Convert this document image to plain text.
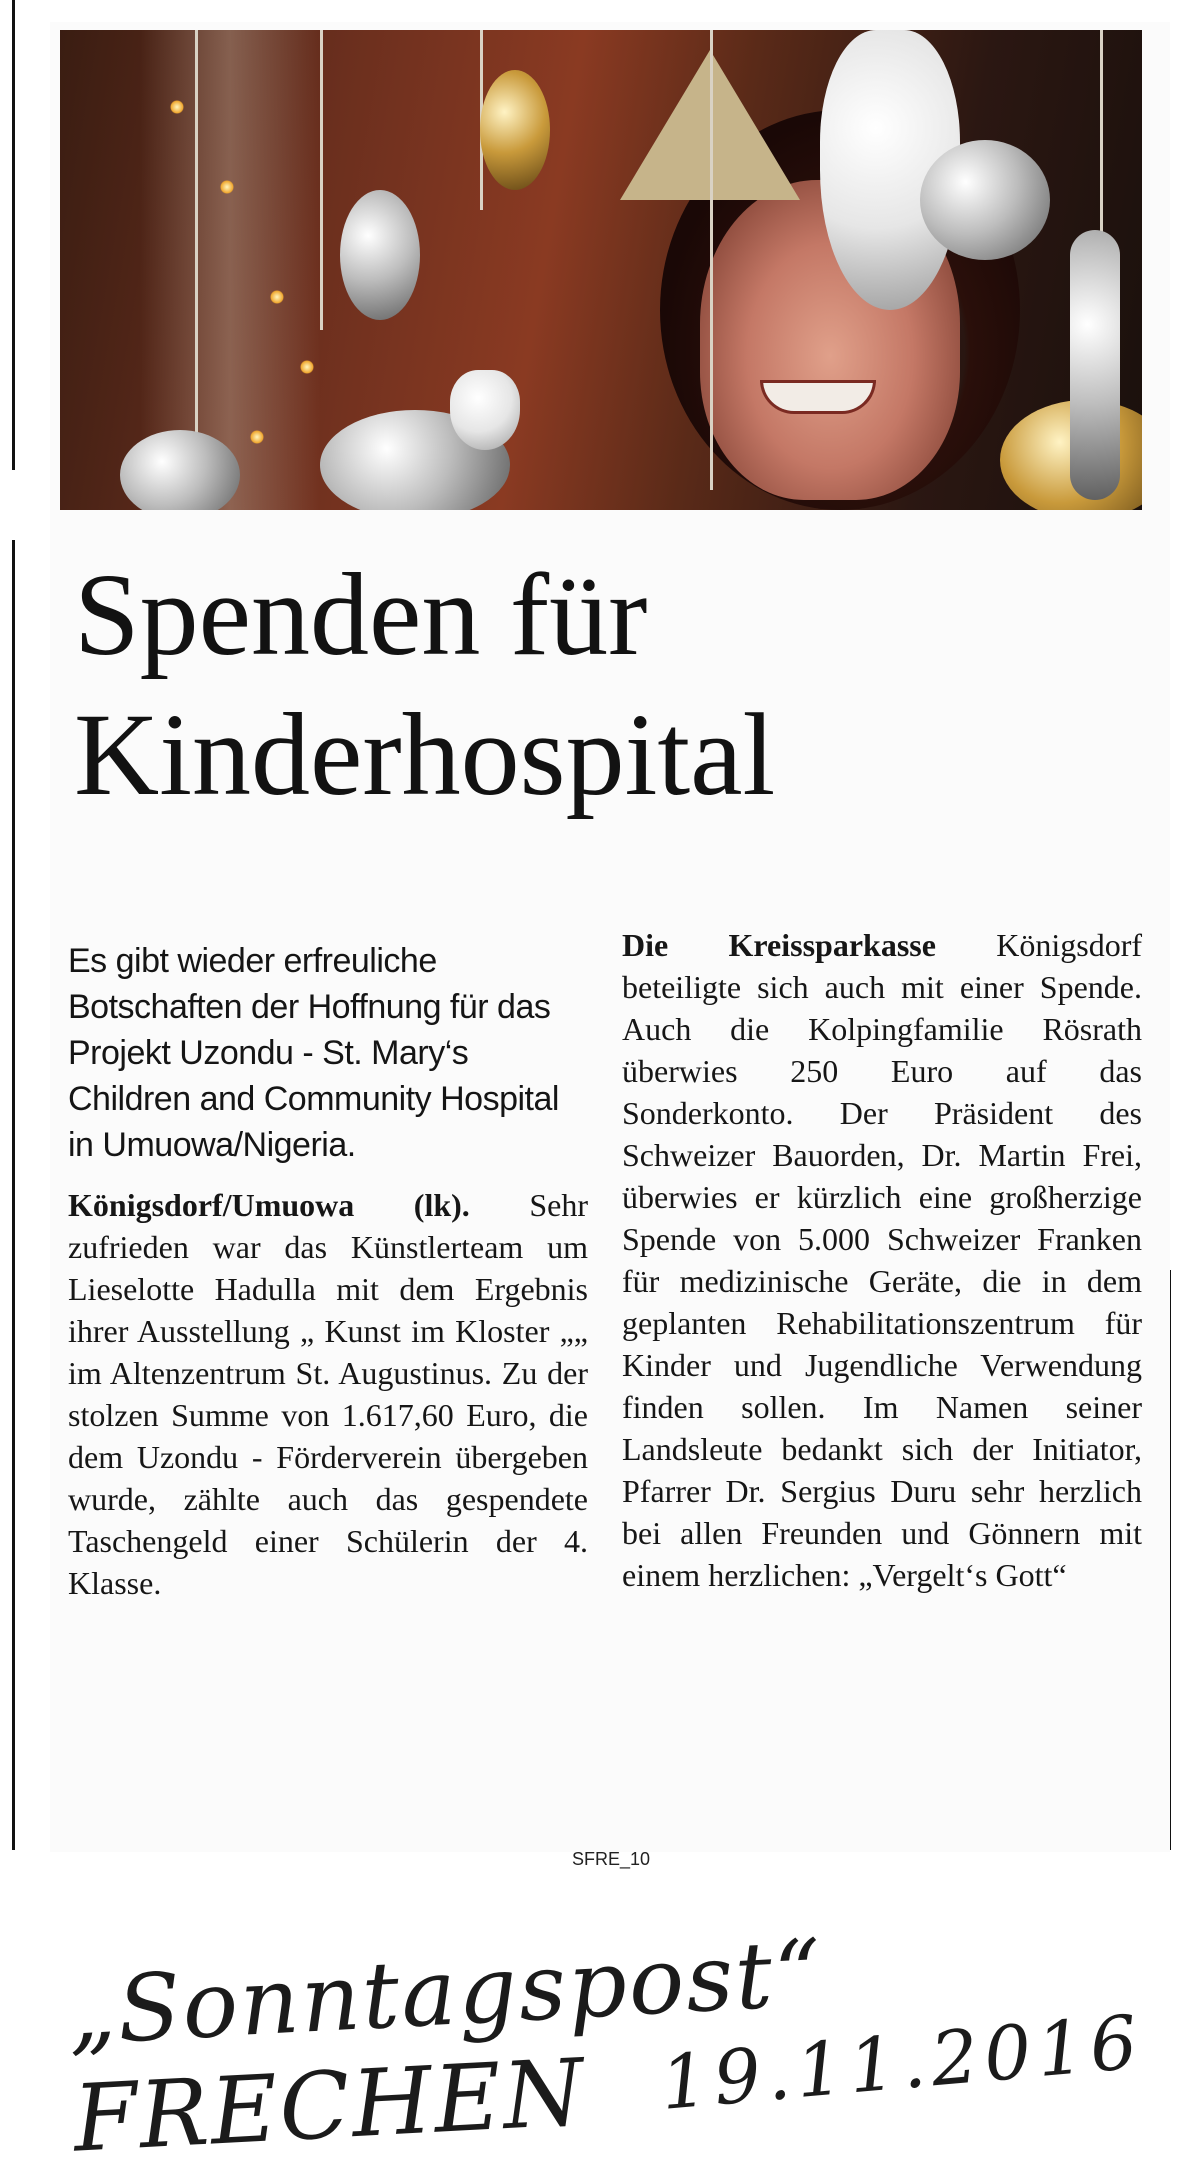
Spenden für
Kinderhospital

Es gibt wieder erfreuliche Botschaften der Hoffnung für das Projekt Uzondu - St. Mary‘s Children and Community Hospital in Umuowa/Nigeria.

Königsdorf/Umuowa (lk). Sehr zufrieden war das Künstlerteam um Lieselotte Hadulla mit dem Ergebnis ihrer Ausstellung „ Kunst im Kloster „„ im Altenzentrum St. Augustinus. Zu der stolzen Summe von 1.617,60 Euro, die dem Uzondu - Förderverein übergeben wurde, zählte auch das gespendete Taschengeld einer Schülerin der 4. Klasse.

Die Kreissparkasse Königsdorf beteiligte sich auch mit einer Spende. Auch die Kolpingfamilie Rösrath überwies 250 Euro auf das Sonderkonto. Der Präsident des Schweizer Bauorden, Dr. Martin Frei, überwies er kürzlich eine großherzige Spende von 5.000 Schweizer Franken für medizinische Geräte, die in dem geplanten Rehabilitationszentrum für Kinder und Jugendliche Verwendung finden sollen. Im Namen seiner Landsleute bedankt sich der Initiator, Pfarrer Dr. Sergius Duru sehr herzlich bei allen Freunden und Gönnern mit einem herzlichen: „Vergelt‘s Gott“

SFRE_10
„Sonntagspost“ FRECHEN 19.11.2016
